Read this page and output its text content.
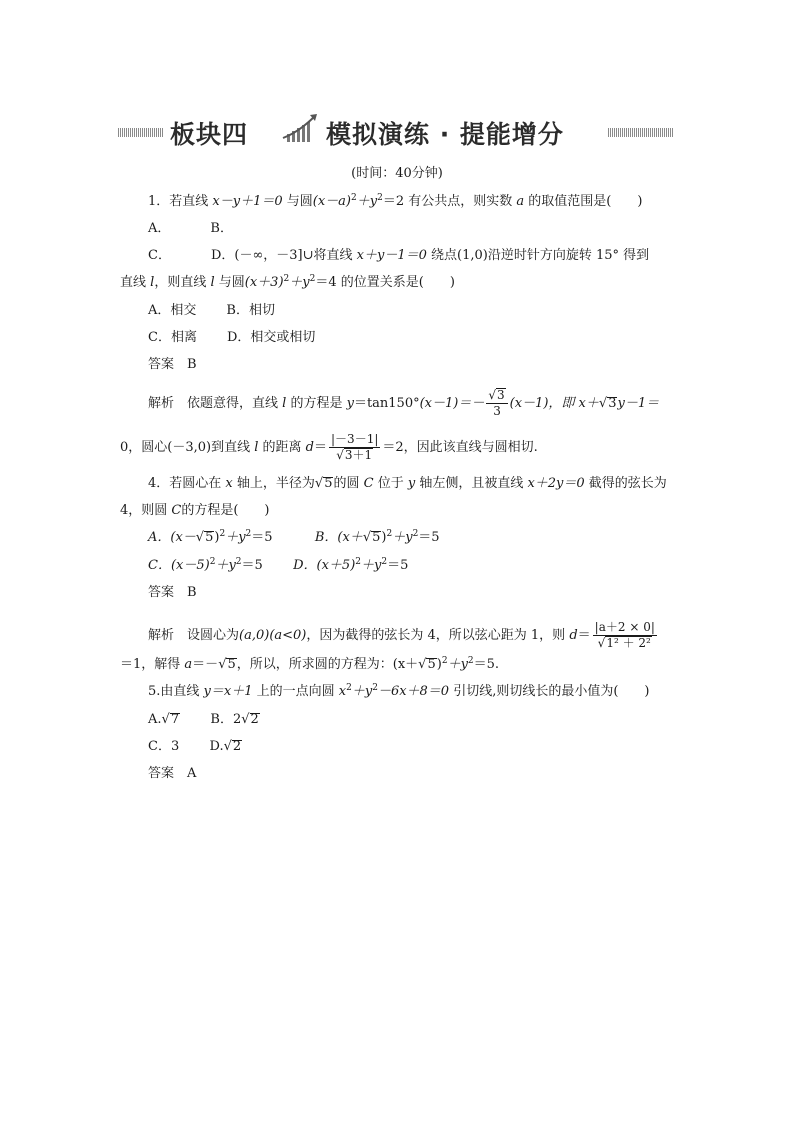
板块四	模拟演练 · 提能增分
(时间：40分钟)
1．若直线 x－y＋1＝0 与圆$(x-a)^2+y^2=2$ 有公共点，则实数 a 的取值范围是(　　)
A．	B．
C．	D．(－∞，－3]∪将直线 x＋y－1＝0 绕点(1,0)沿逆时针方向旋转 15° 得到
直线 l，则直线 l 与圆$(x+3)^2+y^2=4$ 的位置关系是(　　)
A．相交 B．相切
C．相离 D．相交或相切
答案　B
解析　依题意得，直线 l 的方程是 $y=\tan 150^\circ(x-1)=- \frac{√3}{3} (x-1)$，即 x＋√3y－1＝
0，圆心(－3,0)到直线 l 的距离 $d= \frac{|-3-1|}{√3+1} =2$，因此该直线与圆相切.
4．若圆心在 x 轴上，半径为√5的圆 C 位于 y 轴左侧，且被直线 x＋2y＝0 截得的弦长为
4，则圆 C的方程是(　　)
A．$(x-√5)^2+y^2=5$	B．$(x+√5)^2+y^2=5$
C．$(x-5)^2+y^2=5$ D．$(x+5)^2+y^2=5$
答案　B
解析　设圆心为(a,0)(a<0)，因为截得的弦长为 4，所以弦心距为 1，则 $d= \frac{|a+2 \times 0|}{\text{√1² ＋ 2²}}$
＝1，解得 a＝－√5，所以，所求圆的方程为：$(x+√5)^2+y^2=5$.
5.由直线 y＝x＋1 上的一点向圆 $x^2+y^2-6x+8=0$ 引切线,则切线长的最小值为(　　)
A.√7 B．2√2
C．3 D.√2
答案　A
